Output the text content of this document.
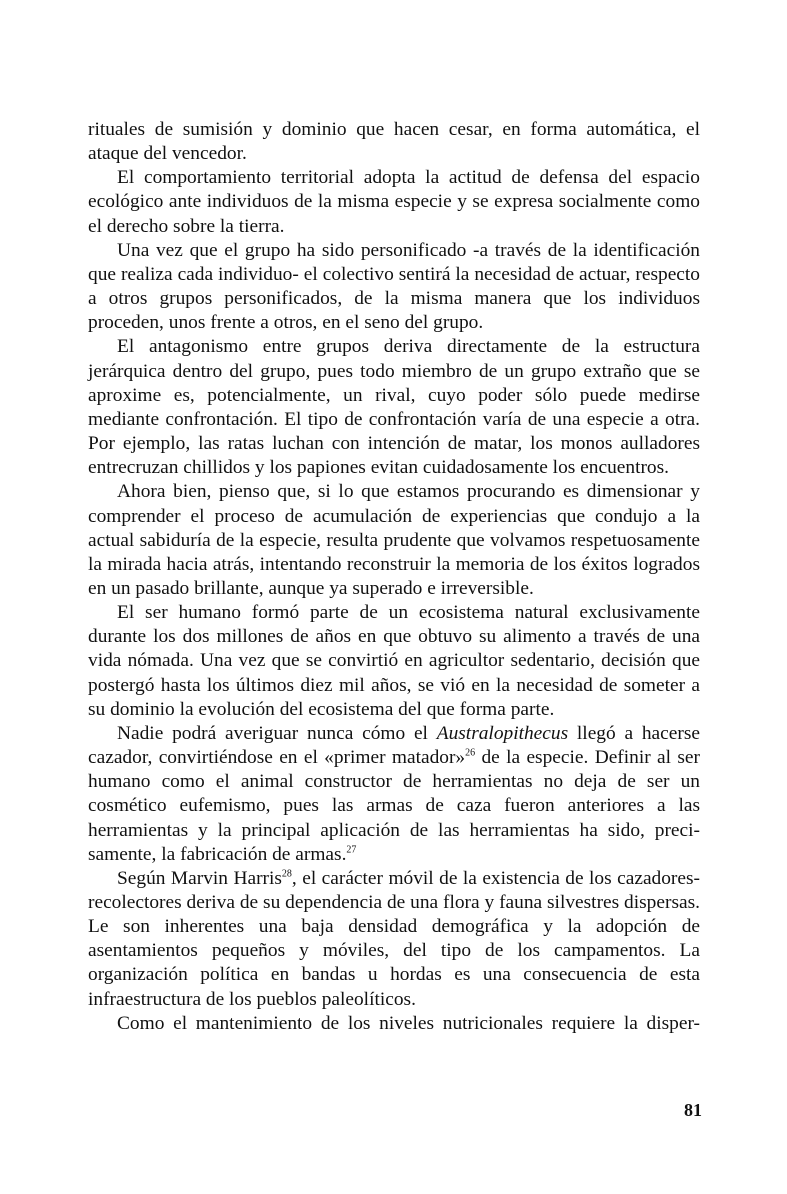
rituales de sumisión y dominio que hacen cesar, en forma automática, el ataque del vencedor.

El comportamiento territorial adopta la actitud de defensa del espacio ecológico ante individuos de la misma especie y se expresa socialmente como el derecho sobre la tierra.

Una vez que el grupo ha sido personificado -a través de la identificación que realiza cada individuo- el colectivo sentirá la necesidad de actuar, respecto a otros grupos personificados, de la misma manera que los individuos proceden, unos frente a otros, en el seno del grupo.

El antagonismo entre grupos deriva directamente de la estructura jerárquica dentro del grupo, pues todo miembro de un grupo extraño que se aproxime es, potencialmente, un rival, cuyo poder sólo puede medirse mediante confrontación. El tipo de confrontación varía de una especie a otra. Por ejemplo, las ratas luchan con intención de matar, los monos aulladores entrecruzan chillidos y los papiones evitan cuidadosamente los encuentros.

Ahora bien, pienso que, si lo que estamos procurando es dimensionar y comprender el proceso de acumulación de experiencias que condujo a la actual sabiduría de la especie, resulta prudente que volvamos respetuosamente la mirada hacia atrás, intentando reconstruir la memoria de los éxitos logrados en un pasado brillante, aunque ya superado e irreversible.

El ser humano formó parte de un ecosistema natural exclusivamente durante los dos millones de años en que obtuvo su alimento a través de una vida nómada. Una vez que se convirtió en agricultor sedentario, decisión que postergó hasta los últimos diez mil años, se vió en la necesidad de someter a su dominio la evolución del ecosistema del que forma parte.

Nadie podrá averiguar nunca cómo el Australopithecus llegó a hacerse cazador, convirtiéndose en el «primer matador»$^{26}$ de la especie. Definir al ser humano como el animal constructor de herramientas no deja de ser un cosmético eufemismo, pues las armas de caza fueron anteriores a las herramientas y la principal aplicación de las herramientas ha sido, precisamente, la fabricación de armas.$^{27}$

Según Marvin Harris$^{28}$, el carácter móvil de la existencia de los cazadores-recolectores deriva de su dependencia de una flora y fauna silvestres dispersas. Le son inherentes una baja densidad demográfica y la adopción de asentamientos pequeños y móviles, del tipo de los campamentos. La organización política en bandas u hordas es una consecuencia de esta infraestructura de los pueblos paleolíticos.

Como el mantenimiento de los niveles nutricionales requiere la disper-

81
